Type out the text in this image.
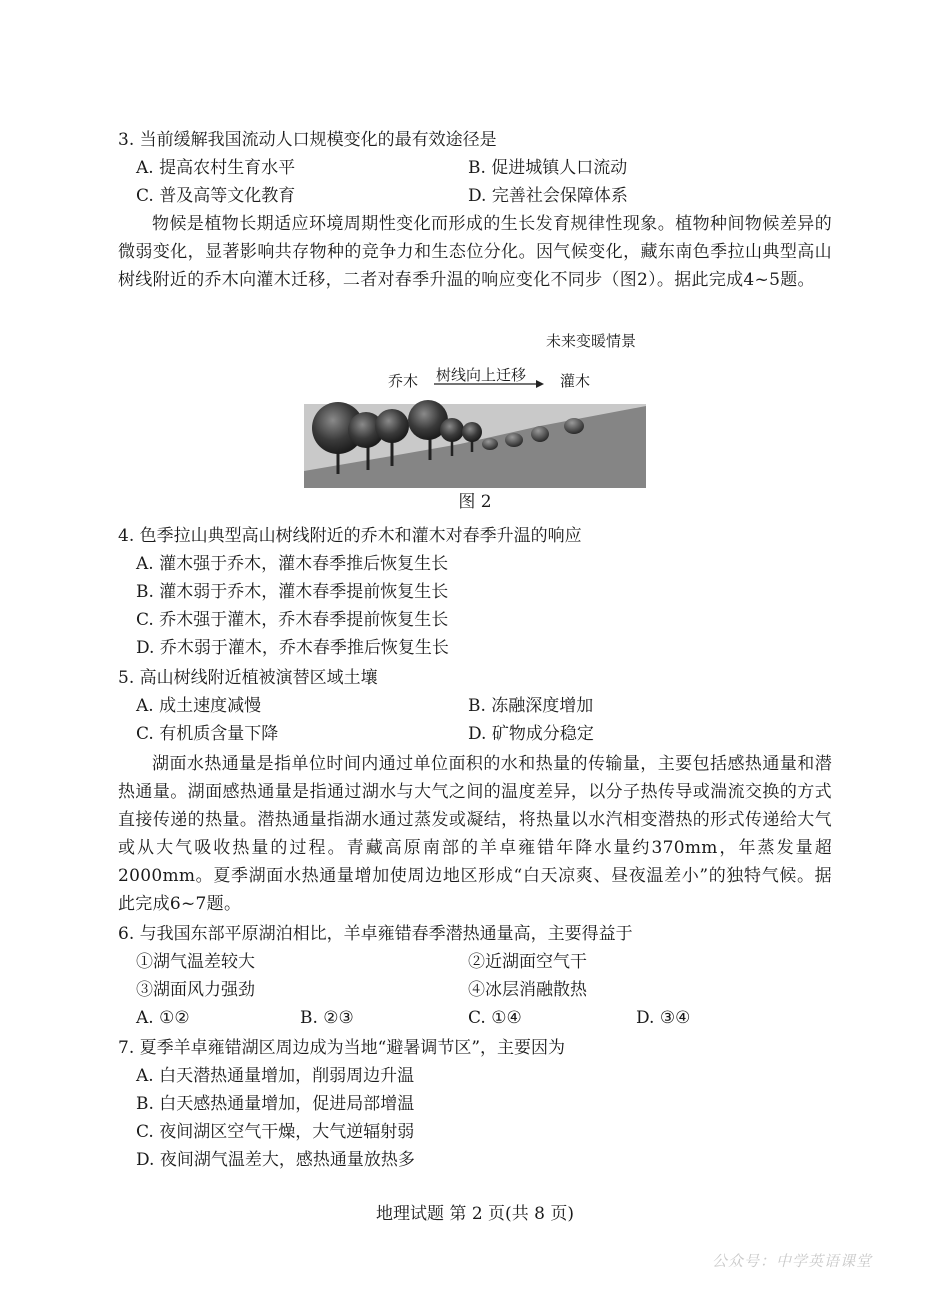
3. 当前缓解我国流动人口规模变化的最有效途径是
A. 提高农村生育水平	B. 促进城镇人口流动
C. 普及高等文化教育	D. 完善社会保障体系
物候是植物长期适应环境周期性变化而形成的生长发育规律性现象。植物种间物候差异的微弱变化，显著影响共存物种的竞争力和生态位分化。因气候变化，藏东南色季拉山典型高山树线附近的乔木向灌木迁移，二者对春季升温的响应变化不同步（图2）。据此完成4~5题。
未来变暖情景
乔木 树线向上迁移 灌木
图 2
4. 色季拉山典型高山树线附近的乔木和灌木对春季升温的响应
A. 灌木强于乔木，灌木春季推后恢复生长
B. 灌木弱于乔木，灌木春季提前恢复生长
C. 乔木强于灌木，乔木春季提前恢复生长
D. 乔木弱于灌木，乔木春季推后恢复生长
5. 高山树线附近植被演替区域土壤
A. 成土速度减慢	B. 冻融深度增加
C. 有机质含量下降	D. 矿物成分稳定
湖面水热通量是指单位时间内通过单位面积的水和热量的传输量，主要包括感热通量和潜热通量。湖面感热通量是指通过湖水与大气之间的温度差异，以分子热传导或湍流交换的方式直接传递的热量。潜热通量指湖水通过蒸发或凝结，将热量以水汽相变潜热的形式传递给大气或从大气吸收热量的过程。青藏高原南部的羊卓雍错年降水量约370mm，年蒸发量超2000mm。夏季湖面水热通量增加使周边地区形成“白天凉爽、昼夜温差小”的独特气候。据此完成6~7题。
6. 与我国东部平原湖泊相比，羊卓雍错春季潜热通量高，主要得益于
①湖气温差较大	②近湖面空气干
③湖面风力强劲	④冰层消融散热
A. ①②	B. ②③	C. ①④	D. ③④
7. 夏季羊卓雍错湖区周边成为当地“避暑调节区”，主要因为
A. 白天潜热通量增加，削弱周边升温
B. 白天感热通量增加，促进局部增温
C. 夜间湖区空气干燥，大气逆辐射弱
D. 夜间湖气温差大，感热通量放热多
地理试题 第 2 页(共 8 页)
公众号：中学英语课堂
